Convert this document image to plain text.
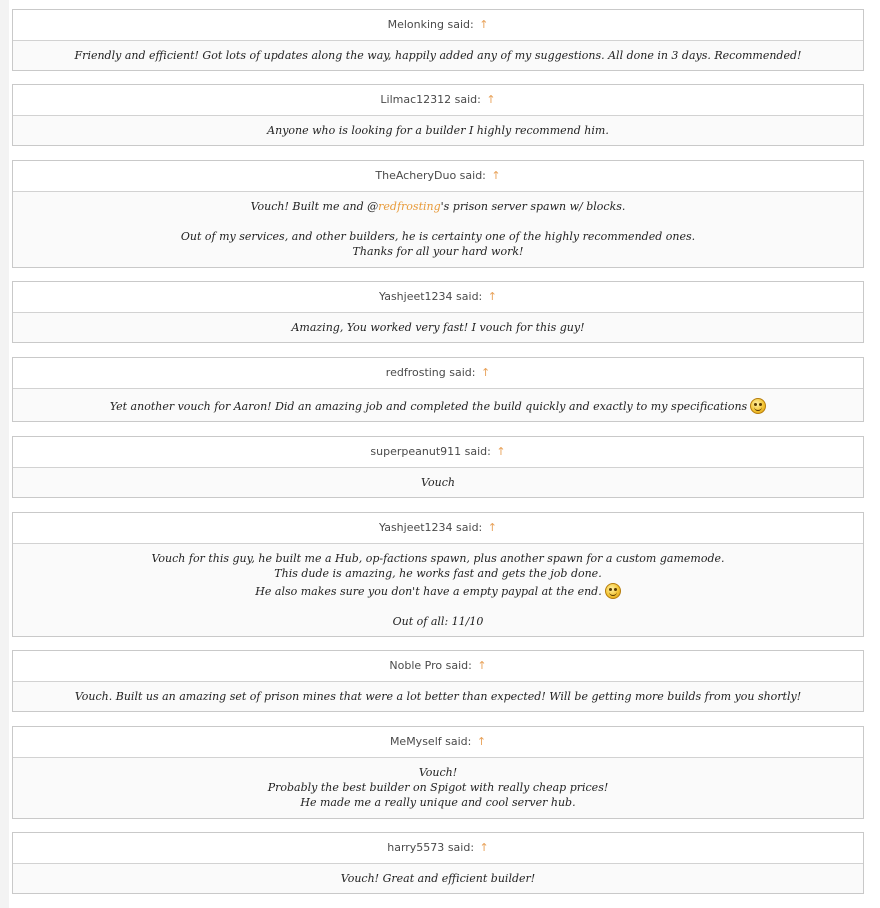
Melonking said: ↑

Friendly and efficient! Got lots of updates along the way, happily added any of my suggestions. All done in 3 days. Recommended!

Lilmac12312 said: ↑

Anyone who is looking for a builder I highly recommend him.

TheAcheryDuo said: ↑

Vouch! Built me and @redfrosting's prison server spawn w/ blocks.

Out of my services, and other builders, he is certainty one of the highly recommended ones.

Thanks for all your hard work!

Yashjeet1234 said: ↑

Amazing, You worked very fast! I vouch for this guy!

redfrosting said: ↑

Yet another vouch for Aaron! Did an amazing job and completed the build quickly and exactly to my specifications

superpeanut911 said: ↑

Vouch

Yashjeet1234 said: ↑

Vouch for this guy, he built me a Hub, op-factions spawn, plus another spawn for a custom gamemode.

This dude is amazing, he works fast and gets the job done.

He also makes sure you don't have a empty paypal at the end.

Out of all: 11/10

Noble Pro said: ↑

Vouch. Built us an amazing set of prison mines that were a lot better than expected! Will be getting more builds from you shortly!

MeMyself said: ↑

Vouch!

Probably the best builder on Spigot with really cheap prices!

He made me a really unique and cool server hub.

harry5573 said: ↑

Vouch! Great and efficient builder!
